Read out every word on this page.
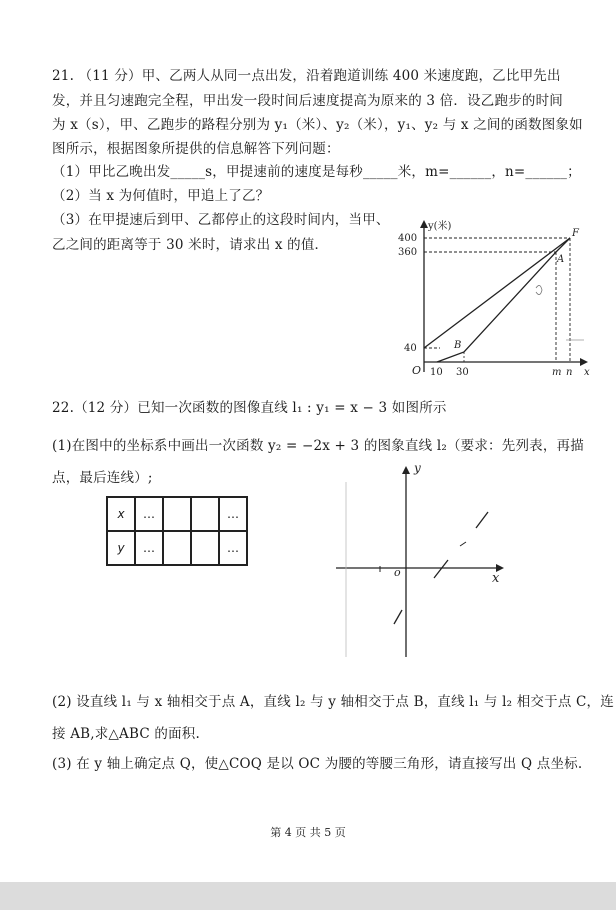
21. （11 分）甲、乙两人从同一点出发，沿着跑道训练 400 米速度跑，乙比甲先出
发，并且匀速跑完全程，甲出发一段时间后速度提高为原来的 3 倍．设乙跑步的时间
为 x（s），甲、乙跑步的路程分别为 y₁（米）、y₂（米），y₁、y₂ 与 x 之间的函数图象如
图所示，根据图象所提供的信息解答下列问题：
（1）甲比乙晚出发_____s，甲提速前的速度是每秒_____米，m=______，n=______；
（2）当 x 为何值时，甲追上了乙？
（3）在甲提速后到甲、乙都停止的这段时间内，当甲、
乙之间的距离等于 30 米时，请求出 x 的值．	400
360
40
O 10 30	m n x
y(米)
A
B
F
22.（12 分）已知一次函数的图像直线 l₁ : y₁ = x − 3 如图所示
(1)在图中的坐标系中画出一次函数 y₂ = −2x + 3 的图象直线 l₂（要求：先列表，再描
点，最后连线）;
x	…			…
y	…			…
o	x
y
(2) 设直线 l₁ 与 x 轴相交于点 A，直线 l₂ 与 y 轴相交于点 B，直线 l₁ 与 l₂ 相交于点 C，连
接 AB,求△ABC 的面积.
(3) 在 y 轴上确定点 Q，使△COQ 是以 OC 为腰的等腰三角形，请直接写出 Q 点坐标.
第 4 页 共 5 页
